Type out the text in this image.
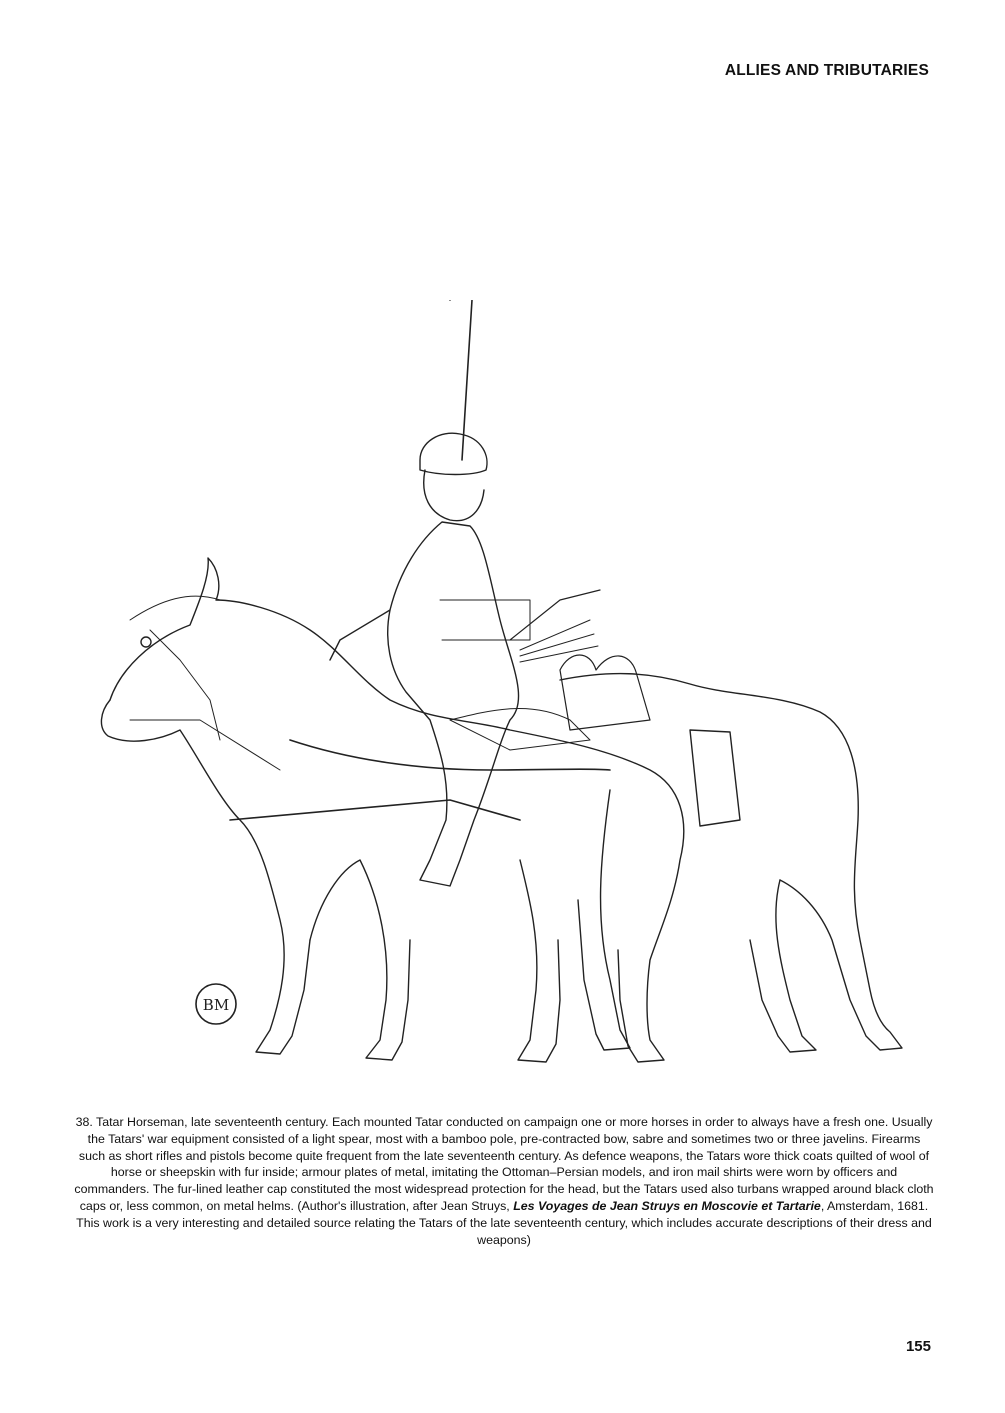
ALLIES AND TRIBUTARIES
BM
38. Tatar Horseman, late seventeenth century. Each mounted Tatar conducted on campaign one or more horses in order to always have a fresh one. Usually the Tatars' war equipment consisted of a light spear, most with a bamboo pole, pre-contracted bow, sabre and sometimes two or three javelins. Firearms such as short rifles and pistols become quite frequent from the late seventeenth century. As defence weapons, the Tatars wore thick coats quilted of wool of horse or sheepskin with fur inside; armour plates of metal, imitating the Ottoman–Persian models, and iron mail shirts were worn by officers and commanders. The fur-lined leather cap constituted the most widespread protection for the head, but the Tatars used also turbans wrapped around black cloth caps or, less common, on metal helms. (Author's illustration, after Jean Struys, Les Voyages de Jean Struys en Moscovie et Tartarie, Amsterdam, 1681. This work is a very interesting and detailed source relating the Tatars of the late seventeenth century, which includes accurate descriptions of their dress and weapons)
155
